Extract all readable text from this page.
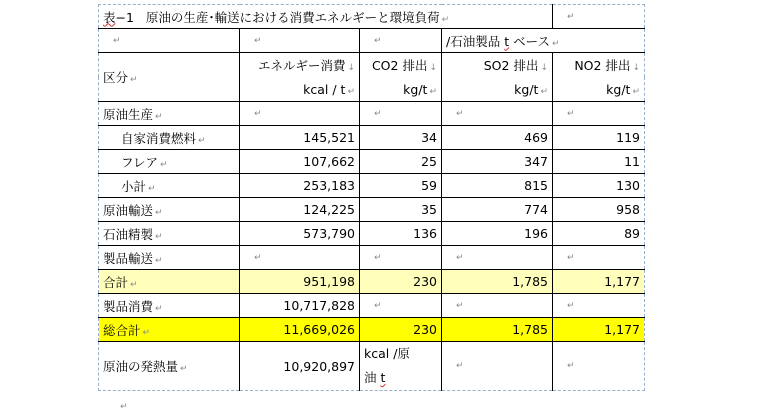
表−1 原油の生産･輸送における消費エネルギーと環境負荷 ↵				↵
↵	↵	↵	/石油製品 t ベース ↵	
区分 ↵	エネルギー消費 ↓	CO2 排出 ↓	SO2 排出 ↓	NO2 排出 ↓
	kcal / t ↵	kg/t ↵	kg/t ↵	kg/t ↵
原油生産 ↵	↵	↵	↵	↵
自家消費燃料 ↵	145,521	34	469	119
フレア ↵	107,662	25	347	11
小計 ↵	253,183	59	815	130
原油輸送 ↵	124,225	35	774	958
石油精製 ↵	573,790	136	196	89
製品輸送 ↵	↵	↵	↵	↵
合計 ↵	951,198	230	1,785	1,177
製品消費 ↵	10,717,828	↵	↵	↵
総合計 ↵	11,669,026	230	1,785	1,177
原油の発熱量 ↵	10,920,897	kcal /原
油 t	↵	↵
↵
